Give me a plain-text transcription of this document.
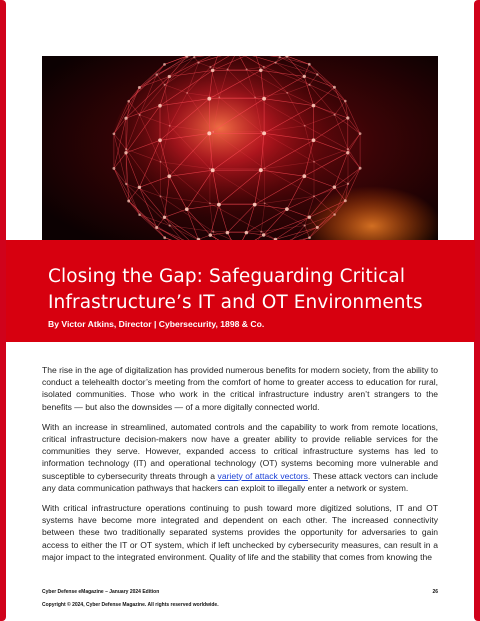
Closing the Gap: Safeguarding Critical
Infrastructure’s IT and OT Environments
By Victor Atkins, Director | Cybersecurity, 1898 & Co.

The rise in the age of digitalization has provided numerous benefits for modern society, from the ability to conduct a telehealth doctor’s meeting from the comfort of home to greater access to education for rural, isolated communities. Those who work in the critical infrastructure industry aren’t strangers to the benefits — but also the downsides — of a more digitally connected world.

With an increase in streamlined, automated controls and the capability to work from remote locations, critical infrastructure decision-makers now have a greater ability to provide reliable services for the communities they serve. However, expanded access to critical infrastructure systems has led to information technology (IT) and operational technology (OT) systems becoming more vulnerable and susceptible to cybersecurity threats through a variety of attack vectors. These attack vectors can include any data communication pathways that hackers can exploit to illegally enter a network or system.

With critical infrastructure operations continuing to push toward more digitized solutions, IT and OT systems have become more integrated and dependent on each other. The increased connectivity between these two traditionally separated systems provides the opportunity for adversaries to gain access to either the IT or OT system, which if left unchecked by cybersecurity measures, can result in a major impact to the integrated environment. Quality of life and the stability that comes from knowing the

Cyber Defense eMagazine – January 2024 Edition	26
Copyright © 2024, Cyber Defense Magazine. All rights reserved worldwide.
